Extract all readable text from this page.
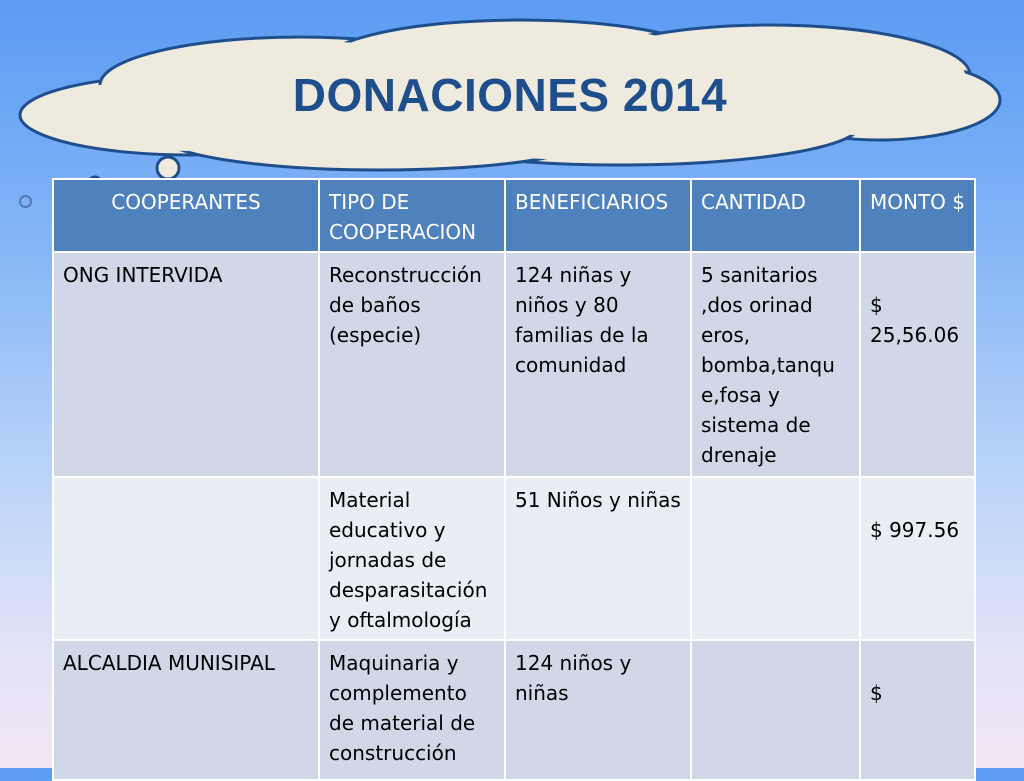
DONACIONES 2014
COOPERANTES	TIPO DE COOPERACION	BENEFICIARIOS	CANTIDAD	MONTO $
ONG INTERVIDA	Reconstrucción de baños (especie)	124 niñas y niños y 80 familias de la comunidad	5 sanitarios ,dos orinad eros, bomba,tanqu e,fosa y sistema de drenaje	$ 25,56.06
	Material educativo y jornadas de desparasitación y oftalmología	51 Niños y niñas		$ 997.56
ALCALDIA MUNISIPAL	Maquinaria y complemento de material de construcción	124 niños y niñas		$
